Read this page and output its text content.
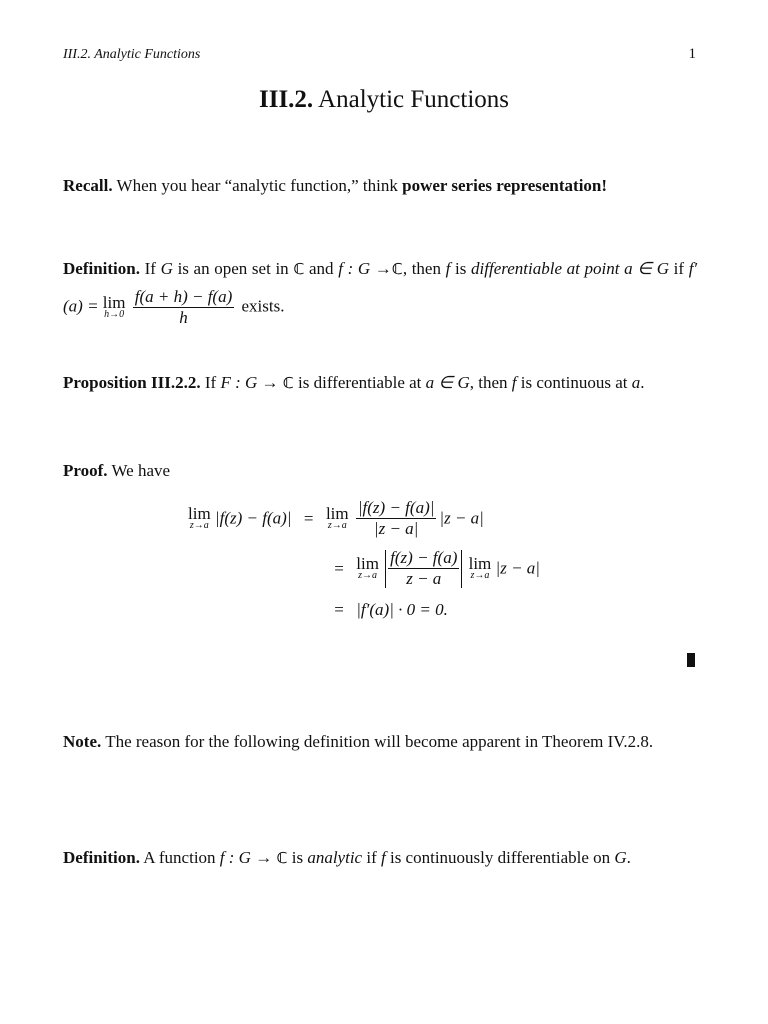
III.2. Analytic Functions	1
III.2. Analytic Functions
Recall. When you hear “analytic function,” think power series representation!
Definition. If G is an open set in ℂ and f : G →ℂ, then f is differentiable at point a ∈ G if f′(a) = lim
h→0
$\frac{f(a + h) - f(a)}{h}$ exists.
Proposition III.2.2. If F : G → ℂ is differentiable at a ∈ G, then f is continuous at a.
Proof. We have
lim
z→a |f(z) − f(a)| = lim
z→a
$\frac{|f(z) - f(a)|}{|z - a|} |z - a|$
= lim
z→a
$\frac{f(z) - f(a)}{z - a}$ lim
z→a |z − a|
= |f′(a)| · 0 = 0.
Note. The reason for the following definition will become apparent in Theorem IV.2.8.
Definition. A function f : G → ℂ is analytic if f is continuously differentiable on G.
